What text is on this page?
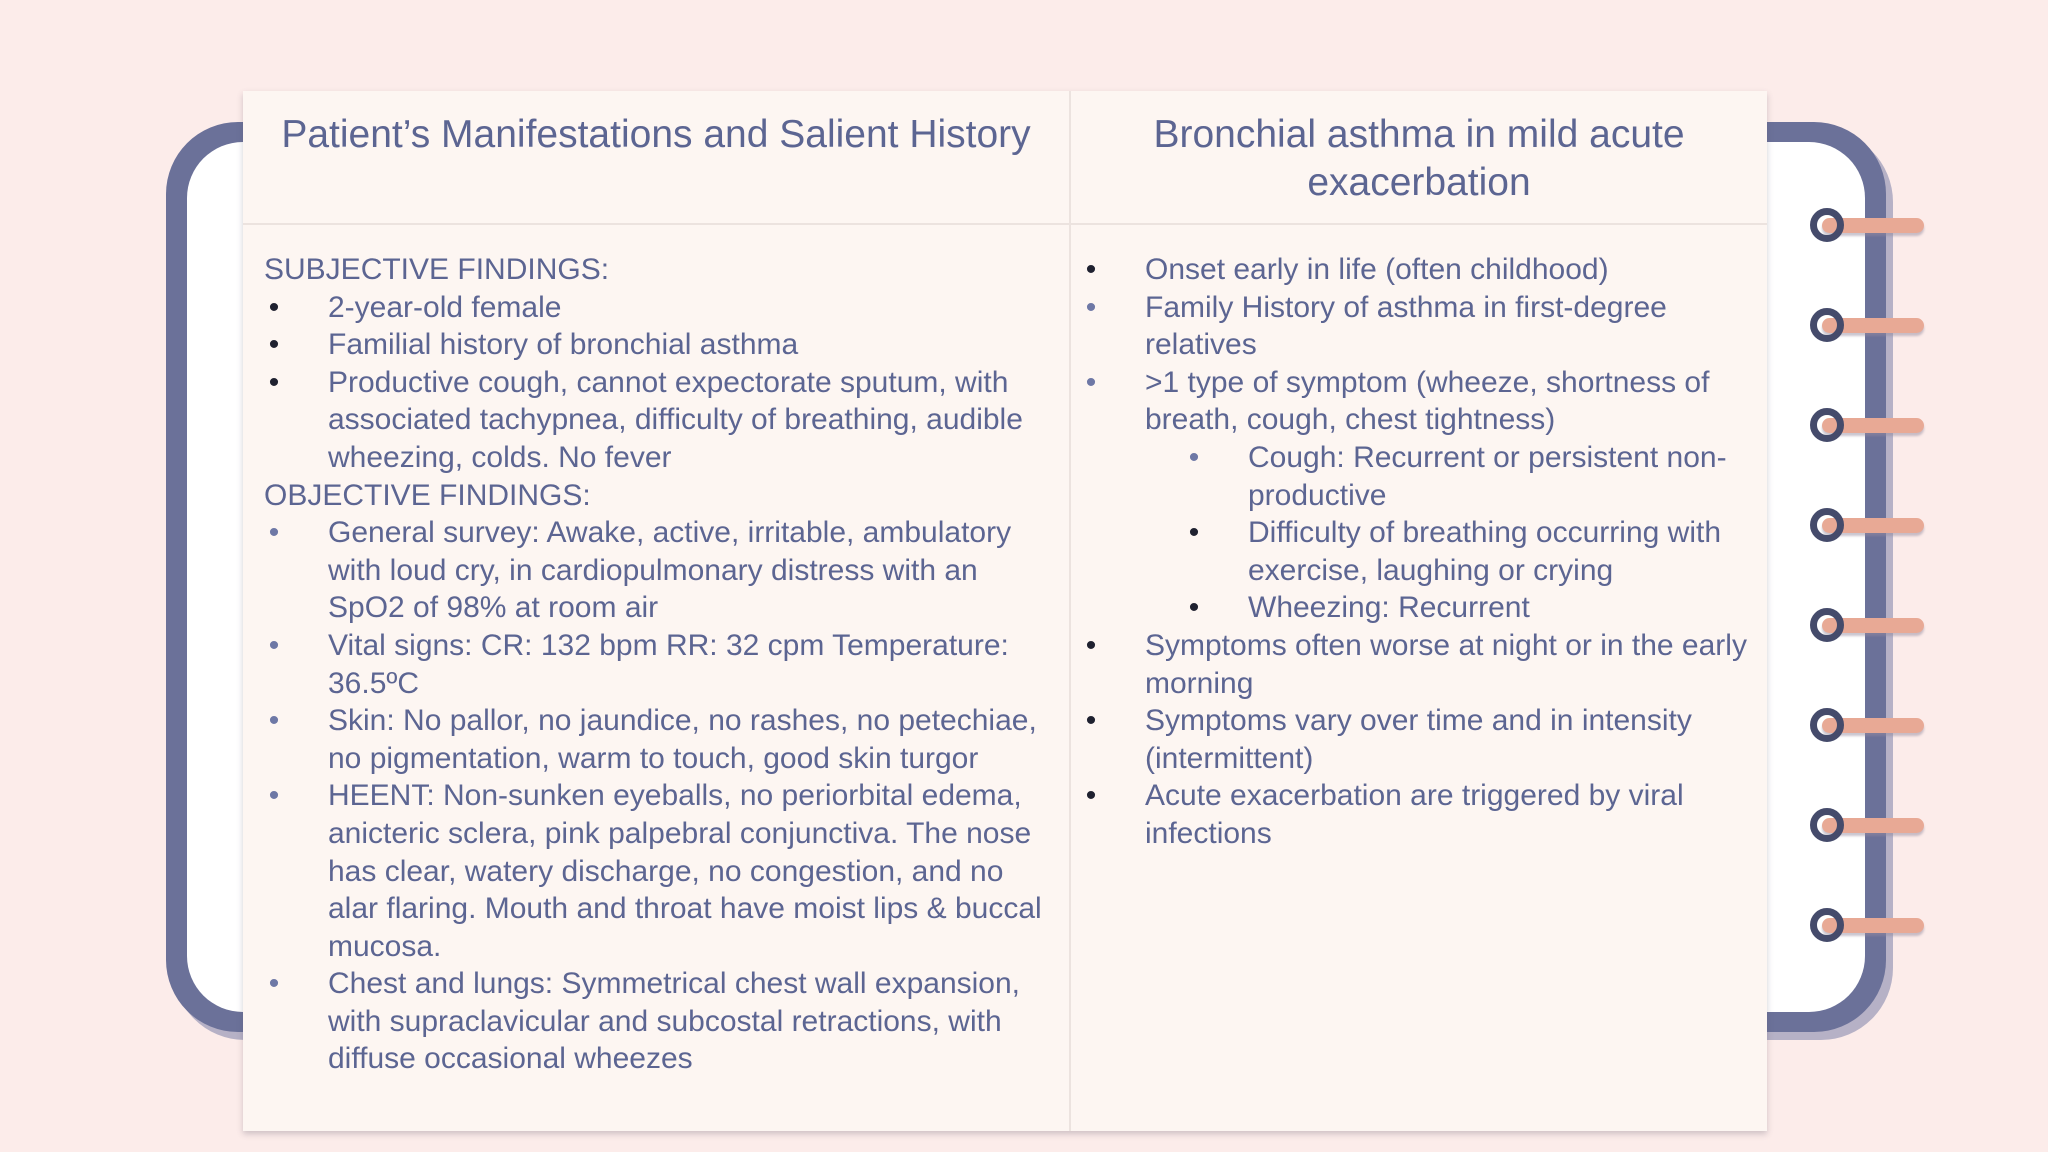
Patient’s Manifestations and Salient History
SUBJECTIVE FINDINGS:
• 2-year-old female
• Familial history of bronchial asthma
• Productive cough, cannot expectorate sputum, with associated tachypnea, difficulty of breathing, audible wheezing, colds. No fever
OBJECTIVE FINDINGS:
• General survey: Awake, active, irritable, ambulatory with loud cry, in cardiopulmonary distress with an SpO2 of 98% at room air
• Vital signs: CR: 132 bpm RR: 32 cpm Temperature: 36.5ºC
• Skin: No pallor, no jaundice, no rashes, no petechiae, no pigmentation, warm to touch, good skin turgor
• HEENT: Non-sunken eyeballs, no periorbital edema, anicteric sclera, pink palpebral conjunctiva. The nose has clear, watery discharge, no congestion, and no alar flaring. Mouth and throat have moist lips & buccal mucosa.
• Chest and lungs: Symmetrical chest wall expansion, with supraclavicular and subcostal retractions, with diffuse occasional wheezes
Bronchial asthma in mild acute exacerbation
• Onset early in life (often childhood)
• Family History of asthma in first-degree relatives
• >1 type of symptom (wheeze, shortness of breath, cough, chest tightness)
• Cough: Recurrent or persistent non-productive
• Difficulty of breathing occurring with exercise, laughing or crying
• Wheezing: Recurrent
• Symptoms often worse at night or in the early morning
• Symptoms vary over time and in intensity (intermittent)
• Acute exacerbation are triggered by viral infections
